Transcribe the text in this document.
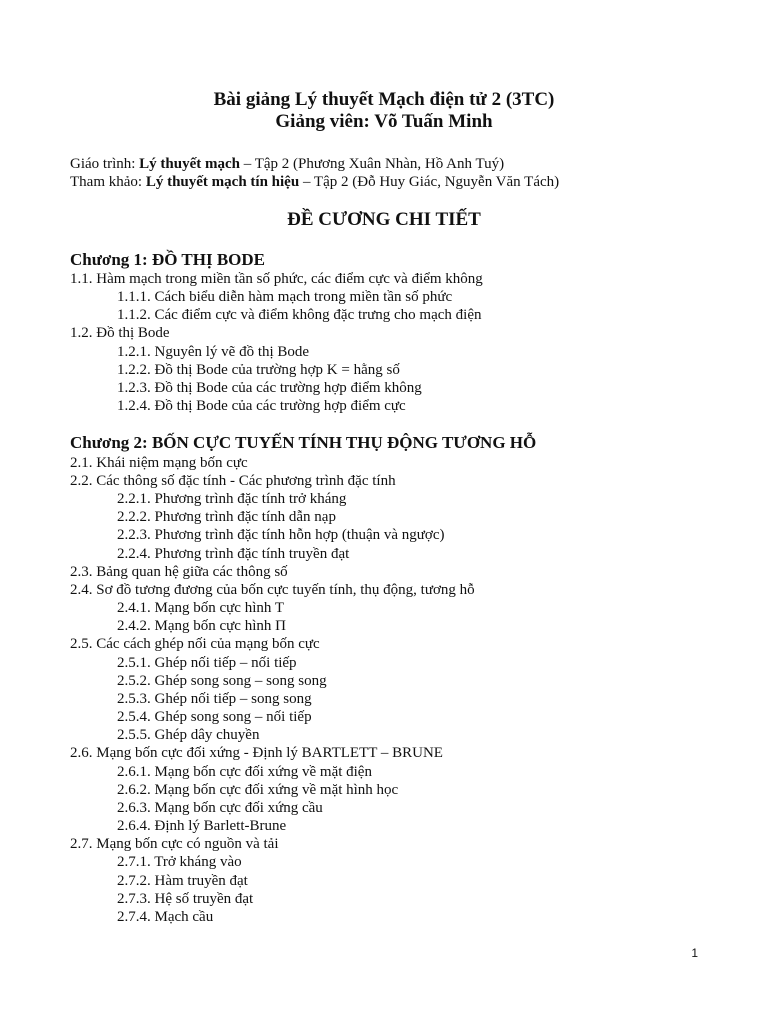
Bài giảng Lý thuyết Mạch điện tử 2 (3TC)
Giảng viên: Võ Tuấn Minh
Giáo trình: Lý thuyết mạch – Tập 2 (Phương Xuân Nhàn, Hồ Anh Tuý)
Tham khảo: Lý thuyết mạch tín hiệu – Tập 2 (Đỗ Huy Giác, Nguyễn Văn Tách)
ĐỀ CƯƠNG CHI TIẾT
Chương 1: ĐỒ THỊ BODE
1.1. Hàm mạch trong miền tần số phức, các điểm cực và điểm không
1.1.1. Cách biểu diễn hàm mạch trong miền tần số phức
1.1.2. Các điểm cực và điểm không đặc trưng cho mạch điện
1.2. Đồ thị Bode
1.2.1. Nguyên lý vẽ đồ thị Bode
1.2.2. Đồ thị Bode của trường hợp K = hằng số
1.2.3. Đồ thị Bode của các trường hợp điểm không
1.2.4. Đồ thị Bode của các trường hợp điểm cực
Chương 2: BỐN CỰC TUYẾN TÍNH THỤ ĐỘNG TƯƠNG HỖ
2.1. Khái niệm mạng bốn cực
2.2. Các thông số đặc tính - Các phương trình đặc tính
2.2.1. Phương trình đặc tính trở kháng
2.2.2. Phương trình đặc tính dẫn nạp
2.2.3. Phương trình đặc tính hỗn hợp (thuận và ngược)
2.2.4. Phương trình đặc tính truyền đạt
2.3. Bảng quan hệ giữa các thông số
2.4. Sơ đồ tương đương của bốn cực tuyến tính, thụ động, tương hỗ
2.4.1. Mạng bốn cực hình T
2.4.2. Mạng bốn cực hình Π
2.5. Các cách ghép nối của mạng bốn cực
2.5.1. Ghép nối tiếp – nối tiếp
2.5.2. Ghép song song – song song
2.5.3. Ghép nối tiếp – song song
2.5.4. Ghép song song – nối tiếp
2.5.5. Ghép dây chuyền
2.6. Mạng bốn cực đối xứng - Định lý BARTLETT – BRUNE
2.6.1. Mạng bốn cực đối xứng về mặt điện
2.6.2. Mạng bốn cực đối xứng về mặt hình học
2.6.3. Mạng bốn cực đối xứng cầu
2.6.4. Định lý Barlett-Brune
2.7. Mạng bốn cực có nguồn và tải
2.7.1. Trở kháng vào
2.7.2. Hàm truyền đạt
2.7.3. Hệ số truyền đạt
2.7.4. Mạch cầu
1
